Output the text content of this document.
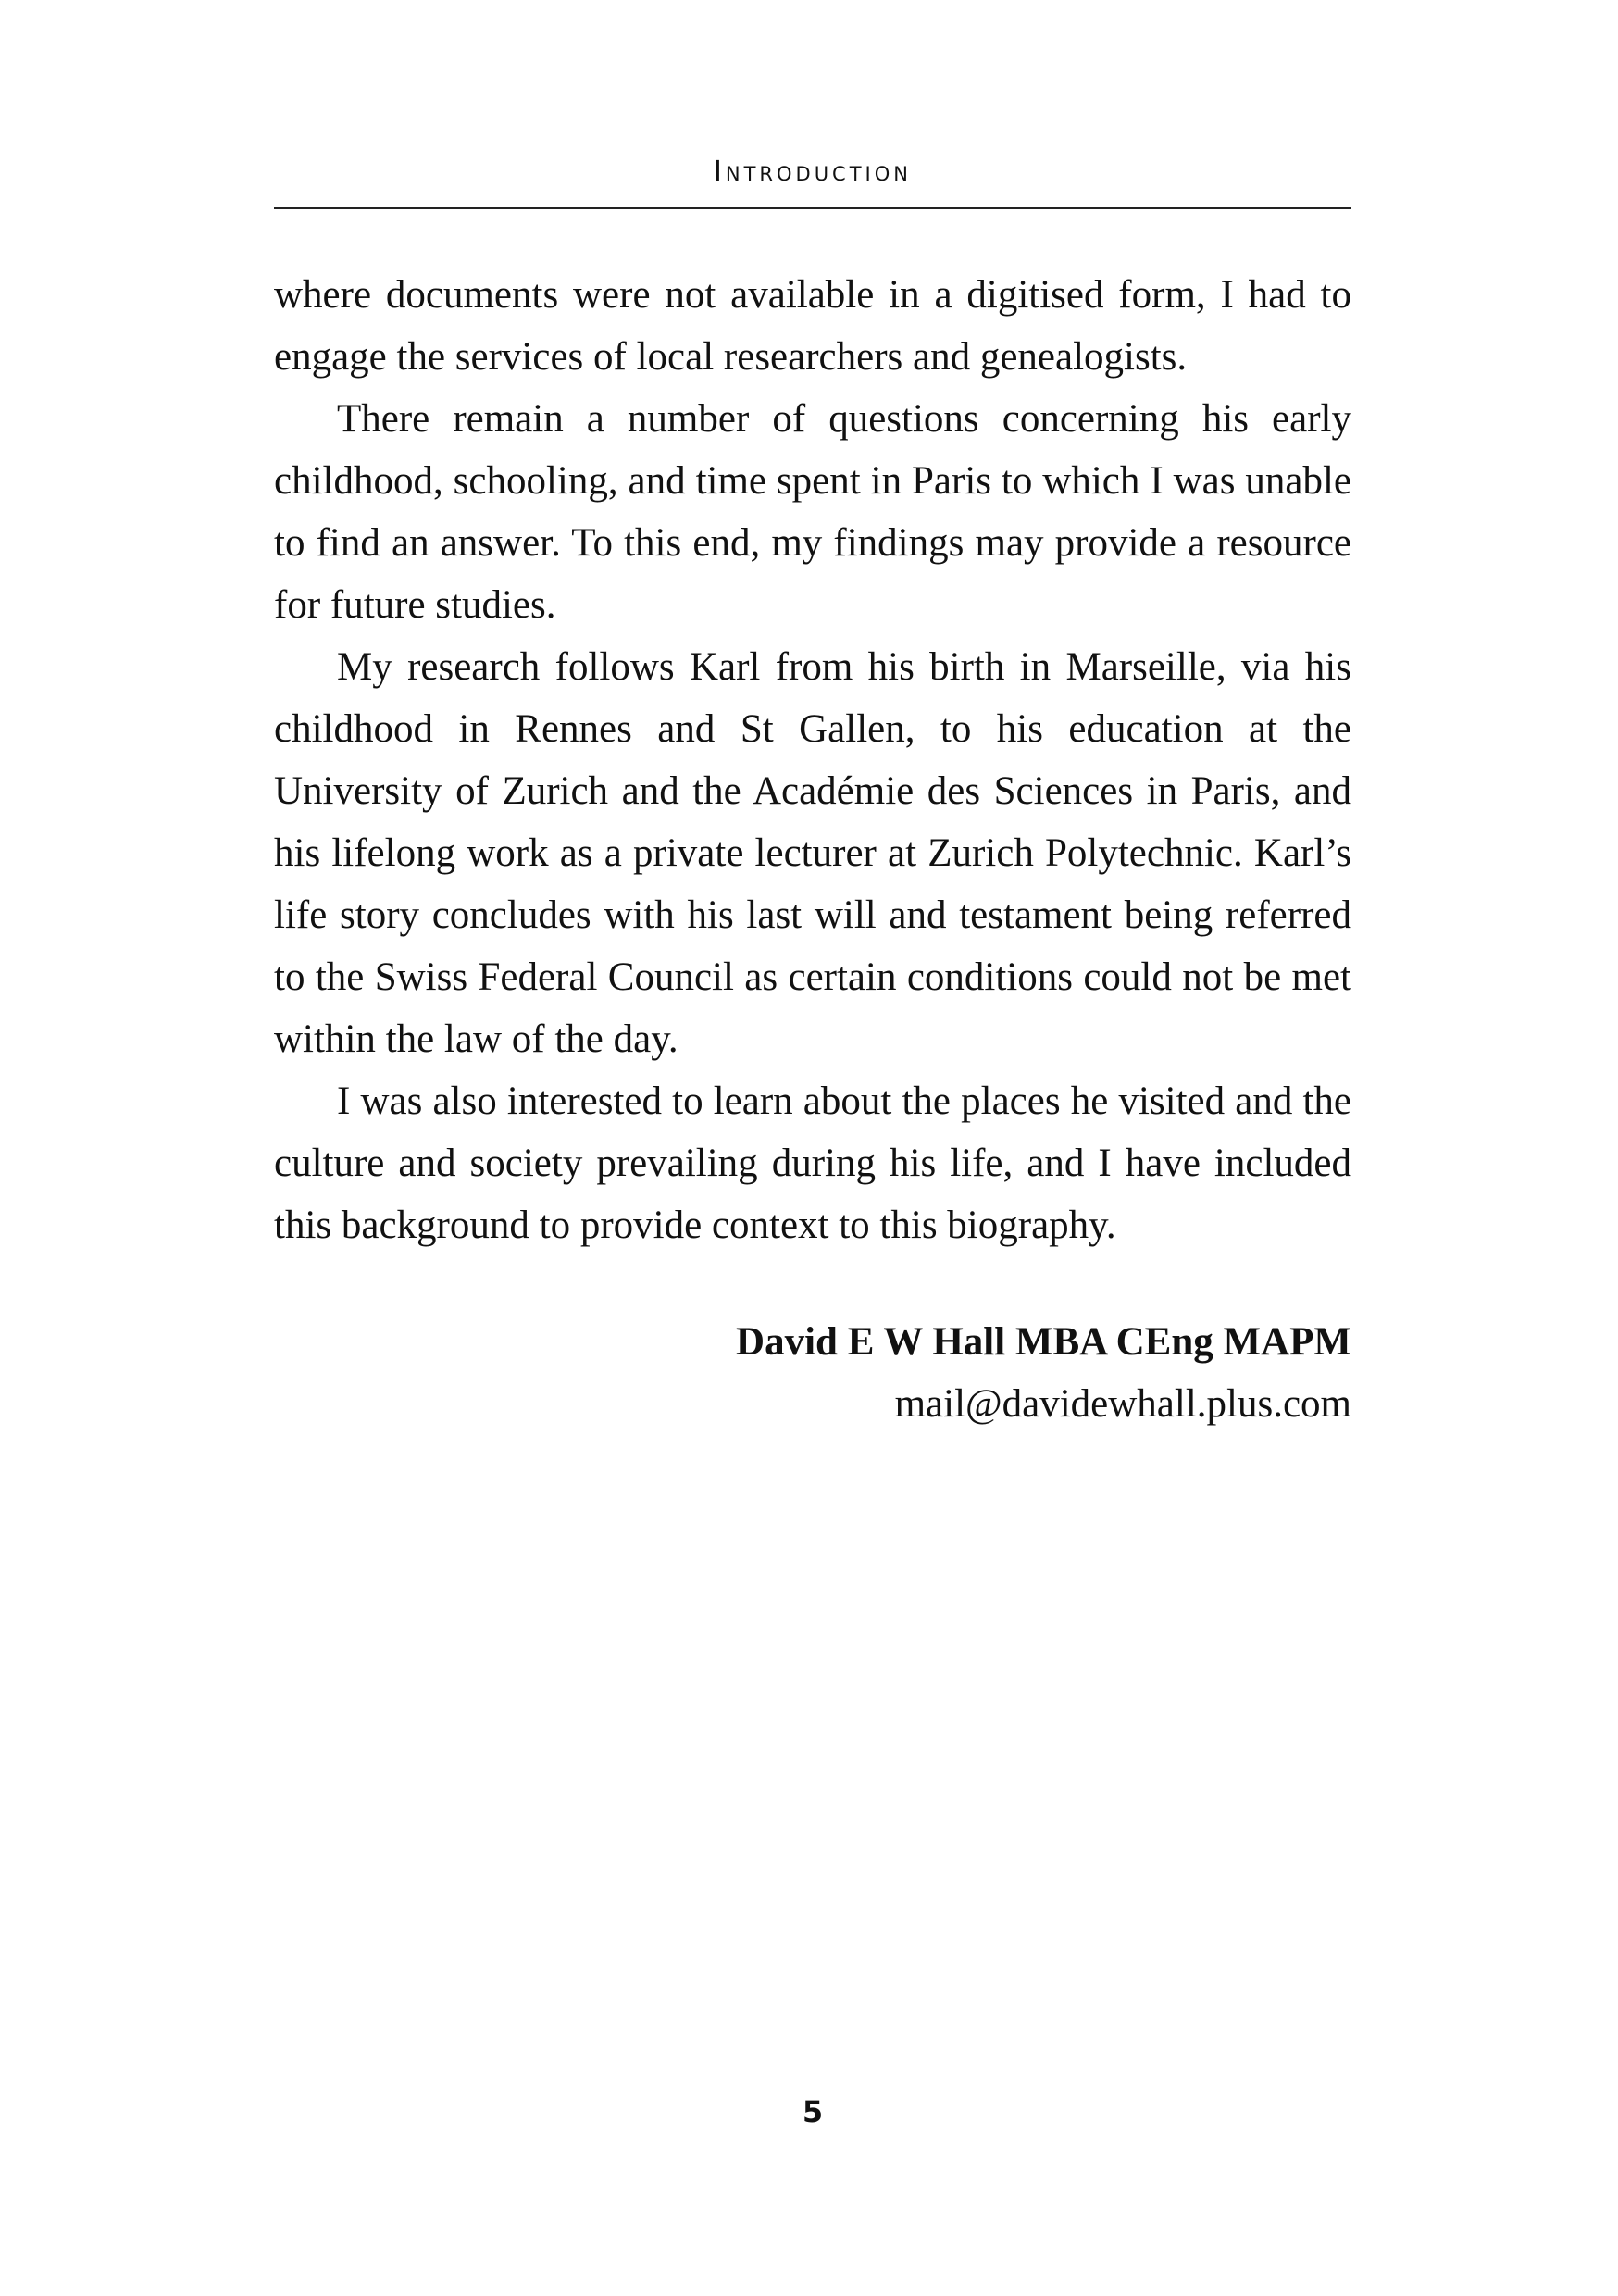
Introduction

where documents were not available in a digitised form, I had to engage the services of local researchers and genealogists.

There remain a number of questions concerning his early childhood, schooling, and time spent in Paris to which I was unable to find an answer. To this end, my findings may provide a resource for future studies.

My research follows Karl from his birth in Marseille, via his childhood in Rennes and St Gallen, to his education at the University of Zurich and the Académie des Sciences in Paris, and his lifelong work as a private lecturer at Zurich Polytechnic. Karl’s life story concludes with his last will and testament being referred to the Swiss Federal Council as certain conditions could not be met within the law of the day.

I was also interested to learn about the places he visited and the culture and society prevailing during his life, and I have included this background to provide context to this biography.

David E W Hall MBA CEng MAPM
mail@davidewhall.plus.com
5
